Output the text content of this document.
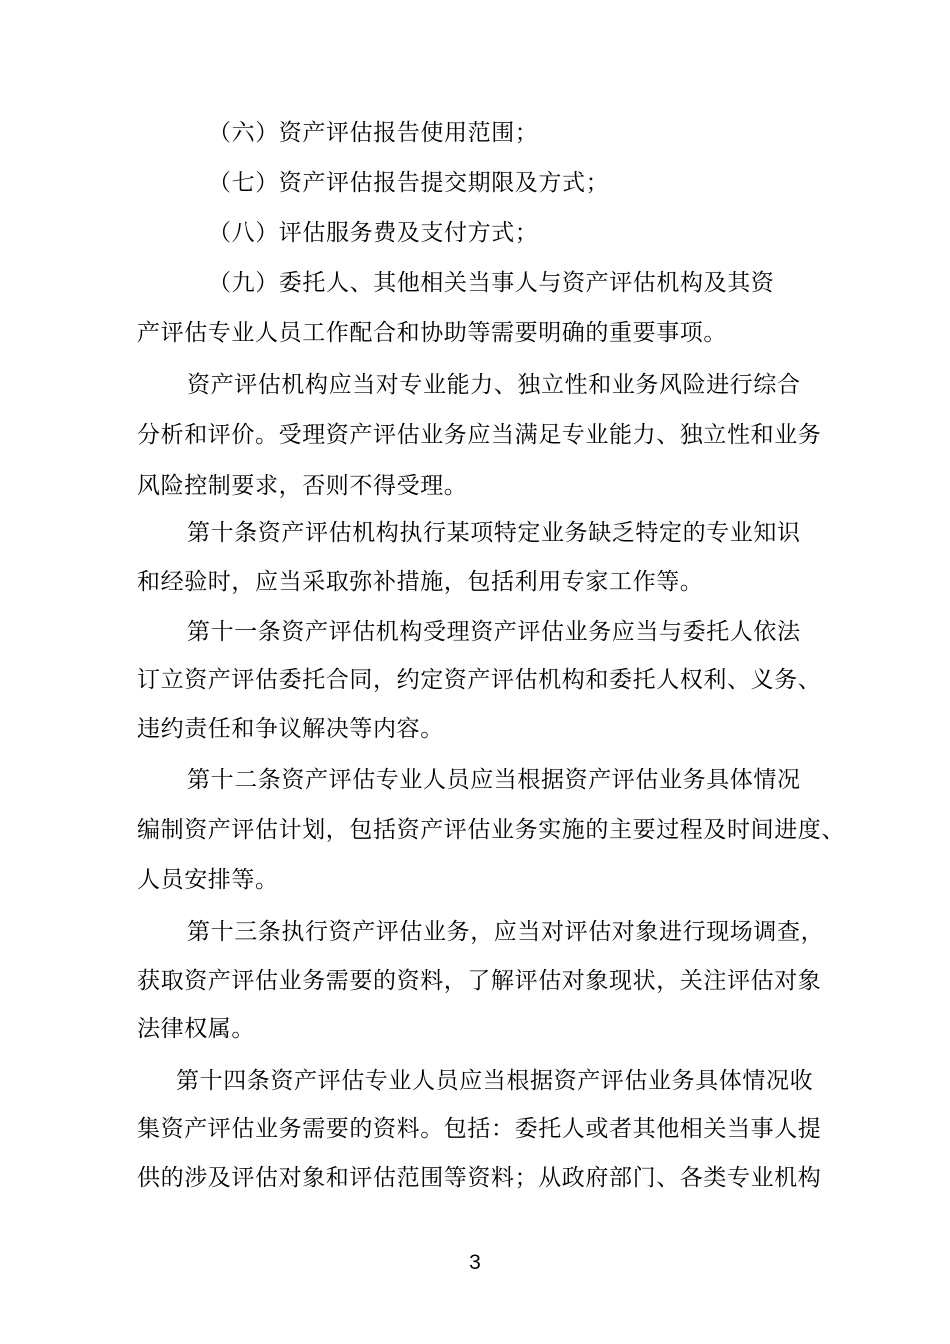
（六）资产评估报告使用范围；
（七）资产评估报告提交期限及方式；
（八）评估服务费及支付方式；
（九）委托人、其他相关当事人与资产评估机构及其资
产评估专业人员工作配合和协助等需要明确的重要事项。
资产评估机构应当对专业能力、独立性和业务风险进行综合
分析和评价。受理资产评估业务应当满足专业能力、独立性和业务
风险控制要求，否则不得受理。
第十条资产评估机构执行某项特定业务缺乏特定的专业知识
和经验时，应当采取弥补措施，包括利用专家工作等。
第十一条资产评估机构受理资产评估业务应当与委托人依法
订立资产评估委托合同，约定资产评估机构和委托人权利、义务、
违约责任和争议解决等内容。
第十二条资产评估专业人员应当根据资产评估业务具体情况
编制资产评估计划，包括资产评估业务实施的主要过程及时间进度、
人员安排等。
第十三条执行资产评估业务，应当对评估对象进行现场调查，
获取资产评估业务需要的资料，了解评估对象现状，关注评估对象
法律权属。
第十四条资产评估专业人员应当根据资产评估业务具体情况收
集资产评估业务需要的资料。包括：委托人或者其他相关当事人提
供的涉及评估对象和评估范围等资料；从政府部门、各类专业机构
3
